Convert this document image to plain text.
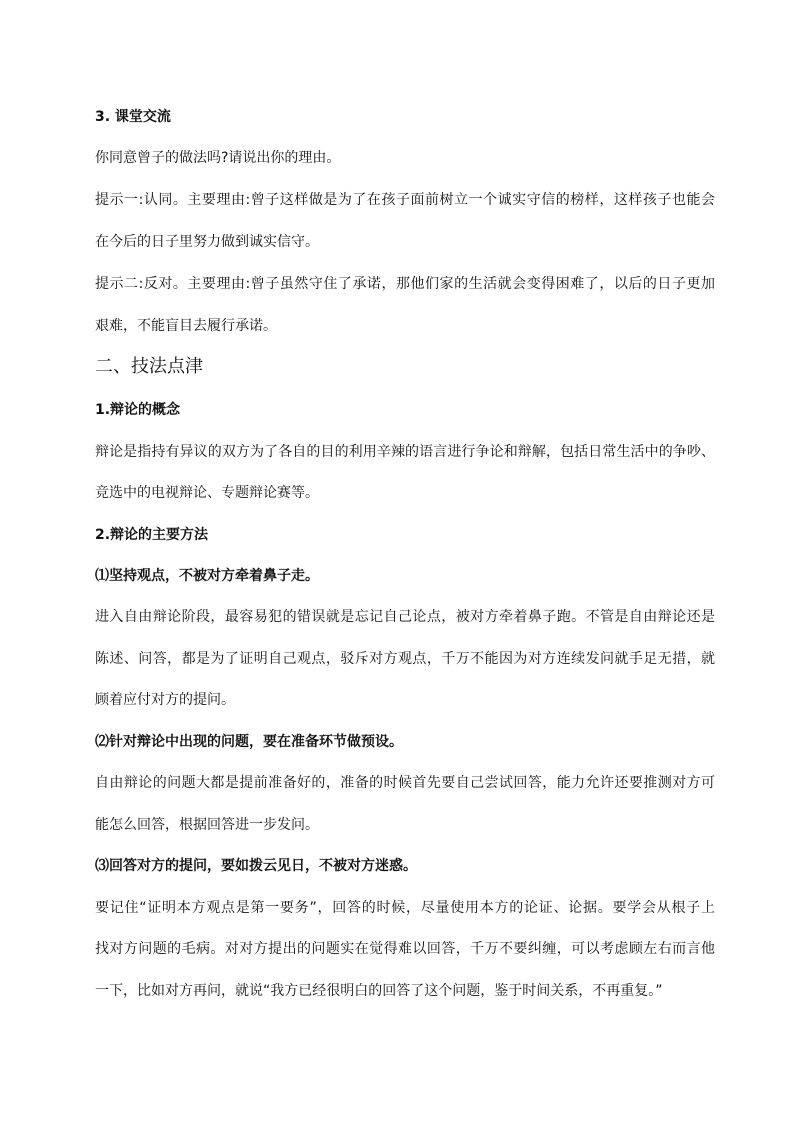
3. 课堂交流
你同意曾子的做法吗?请说出你的理由。
提示一:认同。主要理由:曾子这样做是为了在孩子面前树立一个诚实守信的榜样，这样孩子也能会
在今后的日子里努力做到诚实信守。
提示二:反对。主要理由:曾子虽然守住了承诺，那他们家的生活就会变得困难了，以后的日子更加
艰难，不能盲目去履行承诺。
二、技法点津
1.辩论的概念
辩论是指持有异议的双方为了各自的目的利用辛辣的语言进行争论和辩解，包括日常生活中的争吵、
竞选中的电视辩论、专题辩论赛等。
2.辩论的主要方法
⑴坚持观点，不被对方牵着鼻子走。
进入自由辩论阶段，最容易犯的错误就是忘记自己论点，被对方牵着鼻子跑。不管是自由辩论还是
陈述、问答，都是为了证明自己观点，驳斥对方观点，千万不能因为对方连续发问就手足无措，就
顾着应付对方的提问。
⑵针对辩论中出现的问题，要在准备环节做预设。
自由辩论的问题大都是提前准备好的，准备的时候首先要自己尝试回答，能力允许还要推测对方可
能怎么回答，根据回答进一步发问。
⑶回答对方的提问，要如拨云见日，不被对方迷惑。
要记住“证明本方观点是第一要务”，回答的时候，尽量使用本方的论证、论据。要学会从根子上
找对方问题的毛病。对对方提出的问题实在觉得难以回答，千万不要纠缠，可以考虑顾左右而言他
一下，比如对方再问，就说“我方已经很明白的回答了这个问题，鉴于时间关系，不再重复。”
